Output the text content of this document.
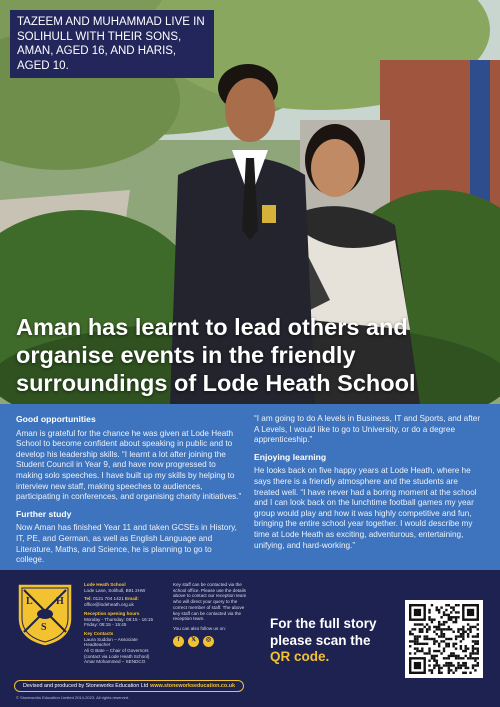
TAZEEM AND MUHAMMAD LIVE IN SOLIHULL WITH THEIR SONS, AMAN, AGED 16, AND HARIS, AGED 10.
Aman has learnt to lead others and organise events in the friendly surroundings of Lode Heath School
Good opportunities

Aman is grateful for the chance he was given at Lode Heath School to become confident about speaking in public and to develop his leadership skills. “I learnt a lot after joining the Student Council in Year 9, and have now progressed to making solo speeches. I have built up my skills by helping to interview new staff, making speeches to audiences, participating in conferences, and organising charity initiatives.”

Further study

Now Aman has finished Year 11 and taken GCSEs in History, IT, PE, and German, as well as English Language and Literature, Maths, and Science, he is planning to go to college.

“I am going to do A levels in Business, IT and Sports, and after A Levels, I would like to go to University, or do a degree apprenticeship.”

Enjoying learning

He looks back on five happy years at Lode Heath, where he says there is a friendly atmosphere and the students are treated well. “I have never had a boring moment at the school and I can look back on the lunchtime football games my year group would play and how it was highly competitive and fun, bringing the entire school year together. I would describe my time at Lode Heath as exciting, adventurous, entertaining, unifying, and hard-working.”

L H
S
Lode Heath School
Lode Lane, Solihull, B91 2HW
Tel: 0121 704 1421 Email: office@lodeheath.org.uk
Reception opening hours
Monday - Thursday: 08:15 - 16:15
Friday: 08:15 - 15:45
Key Contacts
Laura Suddon – Associate Headteacher
Ali G Bate – Chair of Governors (contact via Lode Heath School)
Amar Mohammed – SENDCO
Key staff can be contacted via the school office. Please use the details above to contact our reception team who will direct your query to the correct member of staff. The above key staff can be contacted via the reception team.
You can also follow us on:
f	𝕏	◎
For the full story
please scan the
QR code.
Devised and produced by Stoneworks Education Ltd www.stoneworkseducation.co.uk
© Stoneworks Education Limited 2014-2023. All rights reserved.
